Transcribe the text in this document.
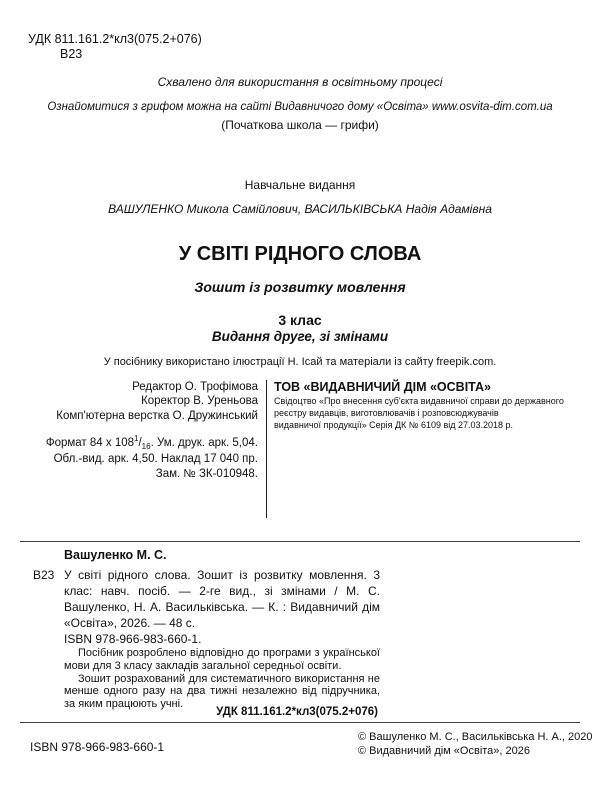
УДК 811.161.2*кл3(075.2+076)
В23
Схвалено для використання в освітньому процесі
Ознайомитися з грифом можна на сайті Видавничого дому «Освіта» www.osvita-dim.com.ua
(Початкова школа — грифи)
Навчальне видання
ВАШУЛЕНКО Микола Самійлович, ВАСИЛЬКІВСЬКА Надія Адамівна
У СВІТІ РІДНОГО СЛОВА
Зошит із розвитку мовлення
3 клас
Видання друге, зі змінами
У посібнику використано ілюстрації Н. Ісай та матеріали із сайту freepik.com.
Редактор О. Трофімова
Коректор В. Уреньова
Комп'ютерна верстка О. Дружинський
Формат 84 х $108^1/_{16}$. Ум. друк. арк. 5,04.
Обл.-вид. арк. 4,50. Наклад 17 040 пр.
Зам. № ЗК-010948.
ТОВ «ВИДАВНИЧИЙ ДІМ «ОСВІТА»
Свідоцтво «Про внесення суб'єкта видавничої справи до державного
реєстру видавців, виготовлювачів і розповсюджувачів
видавничої продукції» Серія ДК № 6109 від 27.03.2018 р.
Вашуленко М. С.
В23 У світі рідного слова. Зошит із розвитку мовлення. 3 клас: навч. посіб. — 2-ге вид., зі змінами / М. С. Вашуленко, Н. А. Васильківська. — К. : Видавничий дім «Освіта», 2026. — 48 с.
ISBN 978-966-983-660-1.

Посібник розроблено відповідно до програми з української мови для 3 класу закладів загальної середньої освіти.

Зошит розрахований для систематичного використання не менше одного разу на два тижні незалежно від підручника, за яким працюють учні.

УДК 811.161.2*кл3(075.2+076)
ISBN 978-966-983-660-1
© Вашуленко М. С., Васильківська Н. А., 2020
© Видавничий дім «Освіта», 2026
